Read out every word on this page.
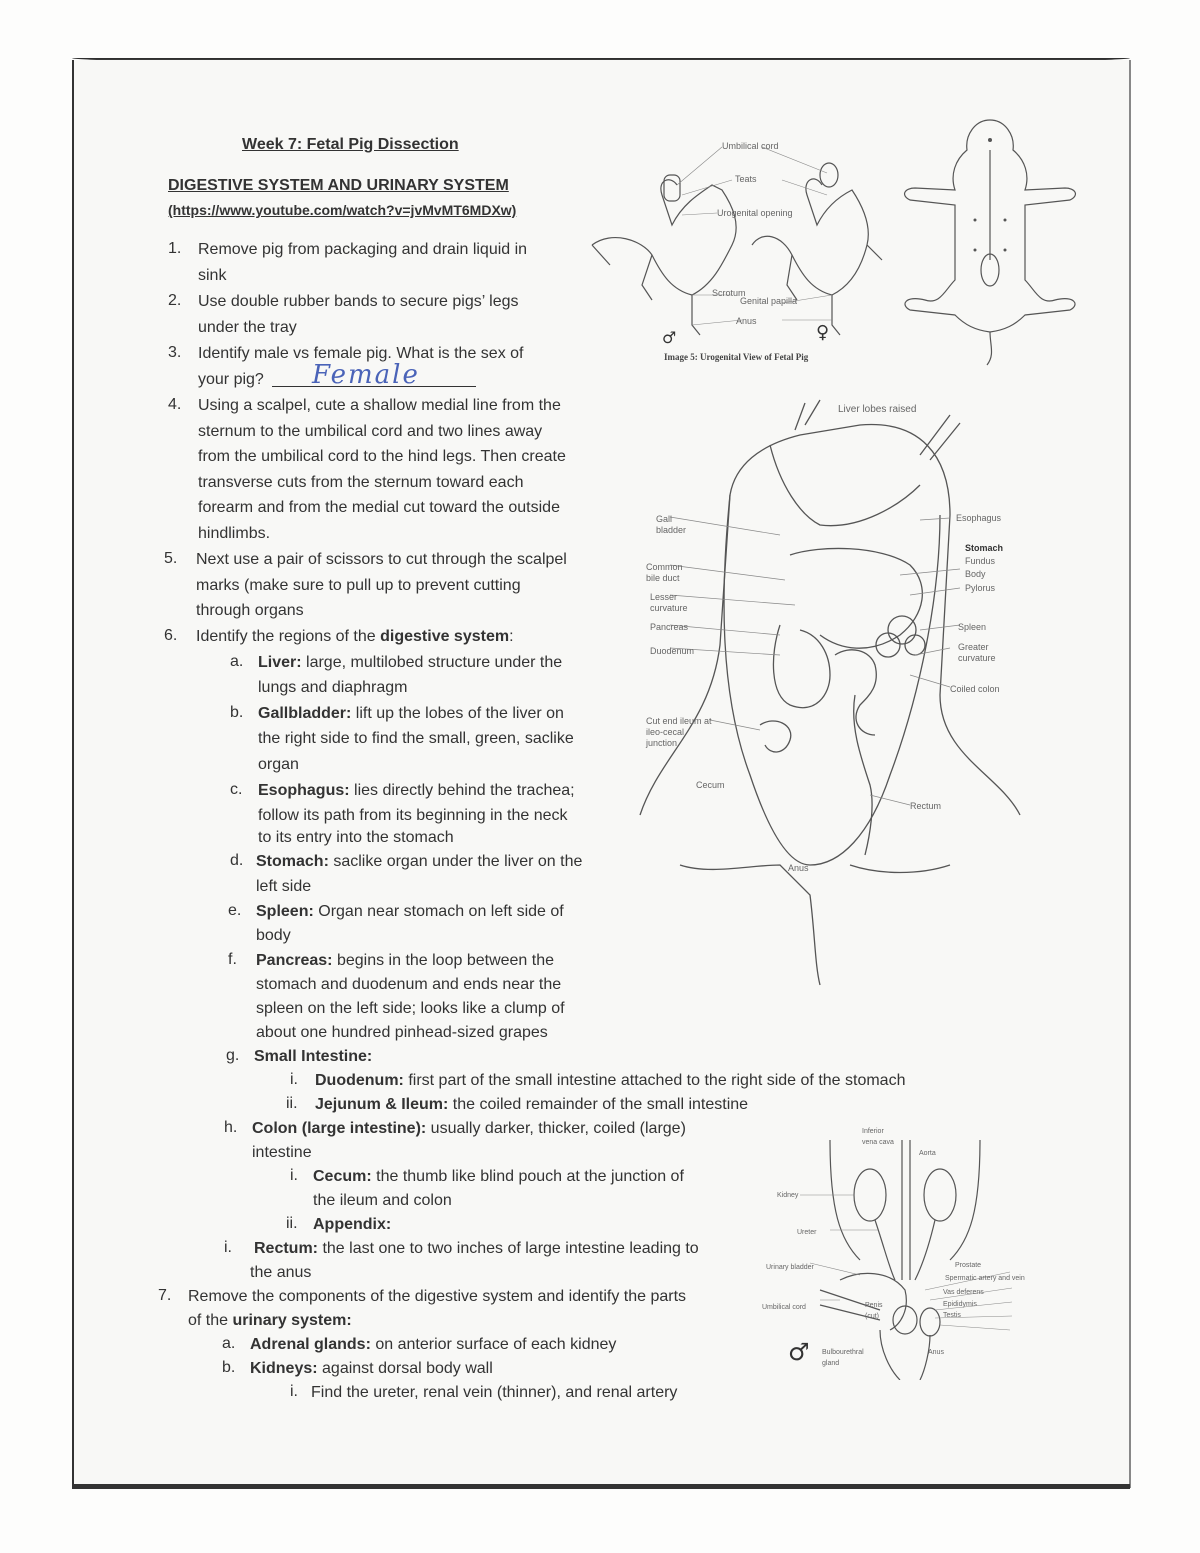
Week 7: Fetal Pig Dissection
DIGESTIVE SYSTEM AND URINARY SYSTEM
(https://www.youtube.com/watch?v=jvMvMT6MDXw)
1. Remove pig from packaging and drain liquid in
sink
2. Use double rubber bands to secure pigs’ legs
under the tray
3. Identify male vs female pig. What is the sex of
your pig? Female
4. Using a scalpel, cute a shallow medial line from the
sternum to the umbilical cord and two lines away
from the umbilical cord to the hind legs. Then create
transverse cuts from the sternum toward each
forearm and from the medial cut toward the outside
hindlimbs.
5. Next use a pair of scissors to cut through the scalpel
marks (make sure to pull up to prevent cutting
through organs
6. Identify the regions of the digestive system:
a. Liver: large, multilobed structure under the
lungs and diaphragm
b. Gallbladder: lift up the lobes of the liver on
the right side to find the small, green, saclike
organ
c. Esophagus: lies directly behind the trachea;
follow its path from its beginning in the neck
to its entry into the stomach
d. Stomach: saclike organ under the liver on the
left side
e. Spleen: Organ near stomach on left side of
body
f. Pancreas: begins in the loop between the
stomach and duodenum and ends near the
spleen on the left side; looks like a clump of
about one hundred pinhead-sized grapes
g. Small Intestine:
i. Duodenum: first part of the small intestine attached to the right side of the stomach
ii. Jejunum & Ileum: the coiled remainder of the small intestine
h. Colon (large intestine): usually darker, thicker, coiled (large)
intestine
i. Cecum: the thumb like blind pouch at the junction of
the ileum and colon
ii. Appendix:
i. Rectum: the last one to two inches of large intestine leading to
the anus
7. Remove the components of the digestive system and identify the parts
of the urinary system:
a. Adrenal glands: on anterior surface of each kidney
b. Kidneys: against dorsal body wall
i. Find the ureter, renal vein (thinner), and renal artery
Umbilical cord
Teats
Urogenital opening
Scrotum
Genital papilla
Anus
♂	♀
Image 5: Urogenital View of Fetal Pig
Liver lobes raised
Gall bladder
Common bile duct
Lesser curvature
Pancreas
Duodenum
Cut end ileum at ileo-cecal junction
Cecum
Esophagus
Stomach
Fundus
Body
Pylorus
Spleen
Greater curvature
Coiled colon
Rectum
Anus
Inferior vena cava
Aorta
Kidney
Ureter
Urinary bladder
Umbilical cord	Penis (cut)
Prostate
Spermatic artery and vein
Vas deferens
Epididymis
Testis
Bulbourethral gland
Anus
♂
